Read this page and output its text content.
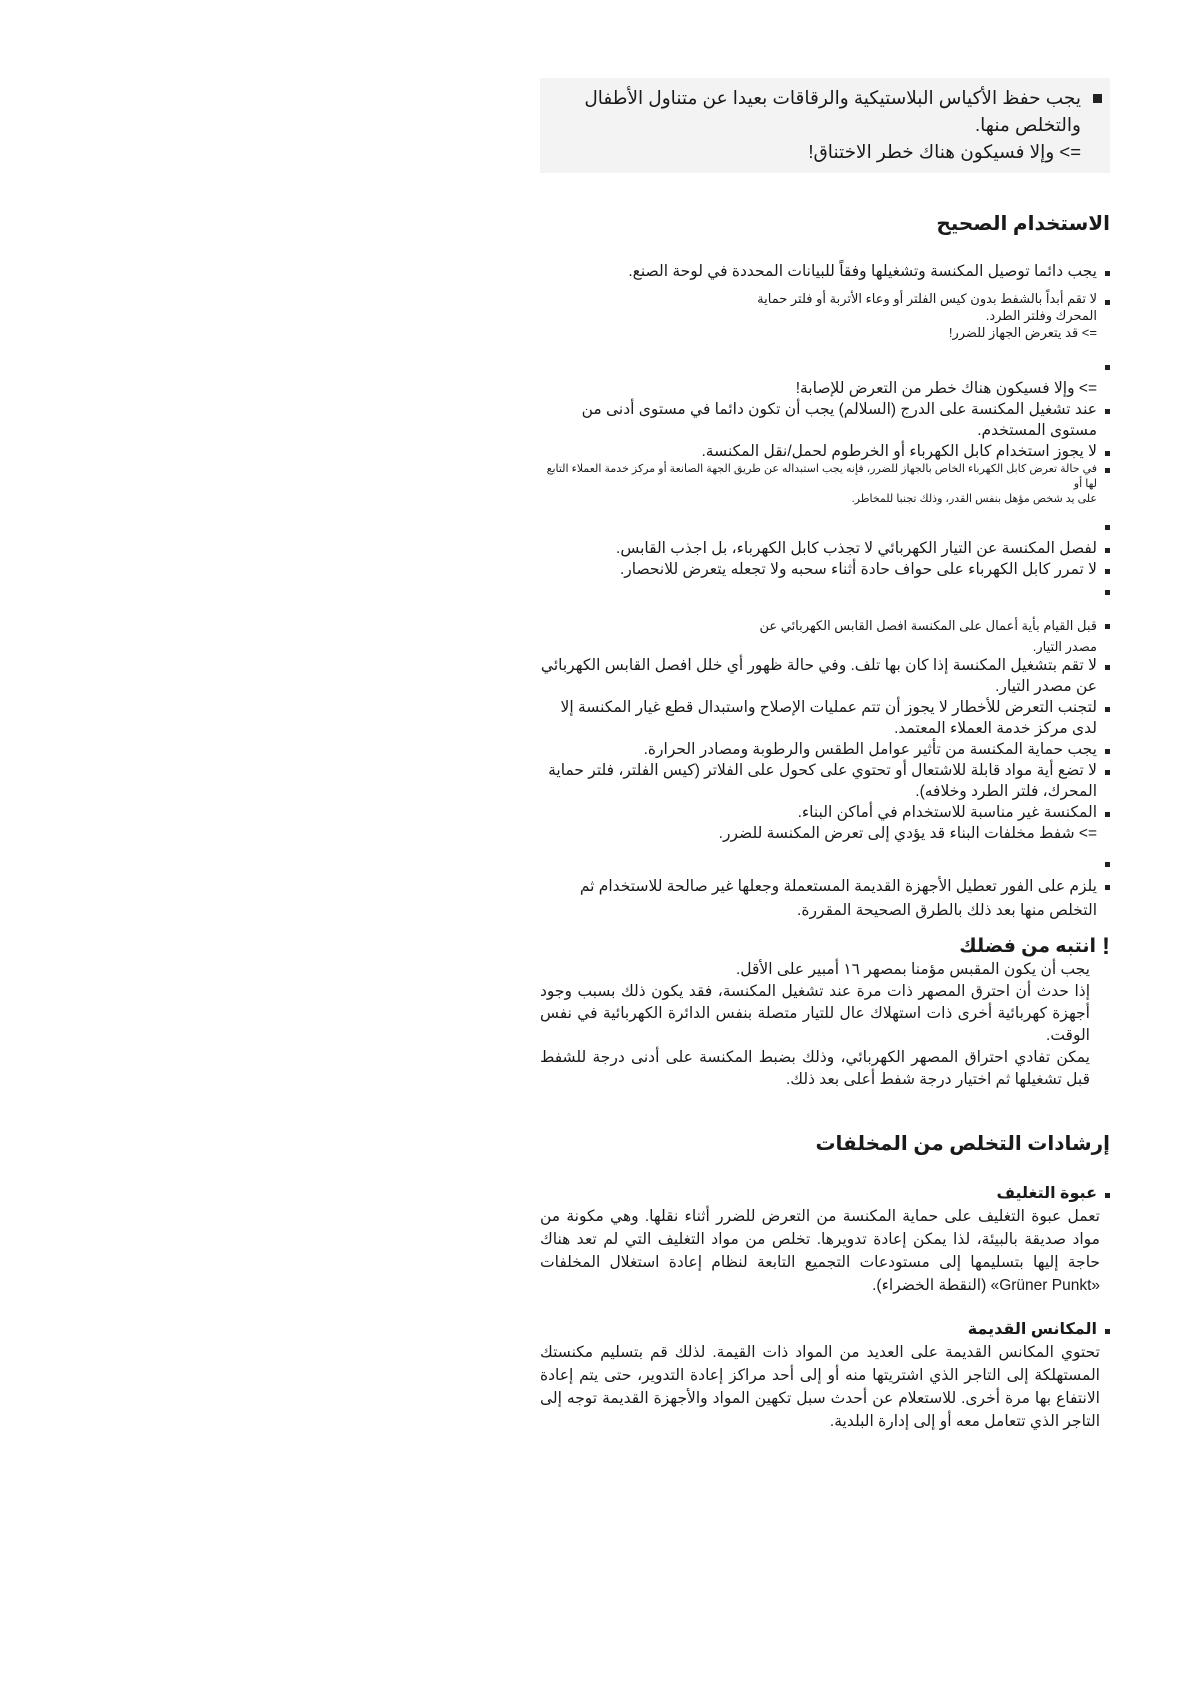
يجب حفظ الأكياس البلاستيكية والرقاقات بعيدا عن متناول الأطفال
والتخلص منها.
=> وإلا فسيكون هناك خطر الاختناق!
الاستخدام الصحيح
يجب دائما توصيل المكنسة وتشغيلها وفقاً للبيانات المحددة في لوحة الصنع.
لا تقم أبداً بالشفط بدون كيس الفلتر أو وعاء الأتربة أو فلتر حماية
المحرك وفلتر الطرد.
=> قد يتعرض الجهاز للضرر!
=> وإلا فسيكون هناك خطر من التعرض للإصابة!
عند تشغيل المكنسة على الدرج (السلالم) يجب أن تكون دائما في مستوى أدنى من مستوى المستخدم.
لا يجوز استخدام كابل الكهرباء أو الخرطوم لحمل/نقل المكنسة.
في حالة تعرض كابل الكهرباء الخاص بالجهاز للضرر، فإنه يجب استبداله عن طريق الجهة الصانعة أو مركز خدمة العملاء التابع لها أو
على يد شخص مؤهل بنفس القدر، وذلك تجنبا للمخاطر.
لفصل المكنسة عن التيار الكهربائي لا تجذب كابل الكهرباء، بل اجذب القابس.
لا تمرر كابل الكهرباء على حواف حادة أثناء سحبه ولا تجعله يتعرض للانحصار.
قبل القيام بأية أعمال على المكنسة افصل القابس الكهربائي عن
مصدر التيار.
لا تقم بتشغيل المكنسة إذا كان بها تلف. وفي حالة ظهور أي خلل افصل القابس الكهربائي عن مصدر التيار.
لتجنب التعرض للأخطار لا يجوز أن تتم عمليات الإصلاح واستبدال قطع غيار المكنسة إلا لدى مركز خدمة العملاء المعتمد.
يجب حماية المكنسة من تأثير عوامل الطقس والرطوبة ومصادر الحرارة.
لا تضع أية مواد قابلة للاشتعال أو تحتوي على كحول على الفلاتر (كيس الفلتر، فلتر حماية المحرك، فلتر الطرد وخلافه).
المكنسة غير مناسبة للاستخدام في أماكن البناء.
=> شفط مخلفات البناء قد يؤدي إلى تعرض المكنسة للضرر.
يلزم على الفور تعطيل الأجهزة القديمة المستعملة وجعلها غير صالحة للاستخدام ثم التخلص منها بعد ذلك بالطرق الصحيحة المقررة.
!
انتبه من فضلك

يجب أن يكون المقبس مؤمنا بمصهر ١٦ أمبير على الأقل.

إذا حدث أن احترق المصهر ذات مرة عند تشغيل المكنسة، فقد يكون ذلك بسبب وجود أجهزة كهربائية أخرى ذات استهلاك عال للتيار متصلة بنفس الدائرة الكهربائية في نفس الوقت.

يمكن تفادي احتراق المصهر الكهربائي، وذلك بضبط المكنسة على أدنى درجة للشفط قبل تشغيلها ثم اختيار درجة شفط أعلى بعد ذلك.

إرشادات التخلص من المخلفات
عبوة التغليف

تعمل عبوة التغليف على حماية المكنسة من التعرض للضرر أثناء نقلها. وهي مكونة من مواد صديقة بالبيئة، لذا يمكن إعادة تدويرها. تخلص من مواد التغليف التي لم تعد هناك حاجة إليها بتسليمها إلى مستودعات التجميع التابعة لنظام إعادة استغلال المخلفات «Grüner Punkt» (النقطة الخضراء).

المكانس القديمة

تحتوي المكانس القديمة على العديد من المواد ذات القيمة. لذلك قم بتسليم مكنستك المستهلكة إلى التاجر الذي اشتريتها منه أو إلى أحد مراكز إعادة التدوير، حتى يتم إعادة الانتفاع بها مرة أخرى. للاستعلام عن أحدث سبل تكهين المواد والأجهزة القديمة توجه إلى التاجر الذي تتعامل معه أو إلى إدارة البلدية.
